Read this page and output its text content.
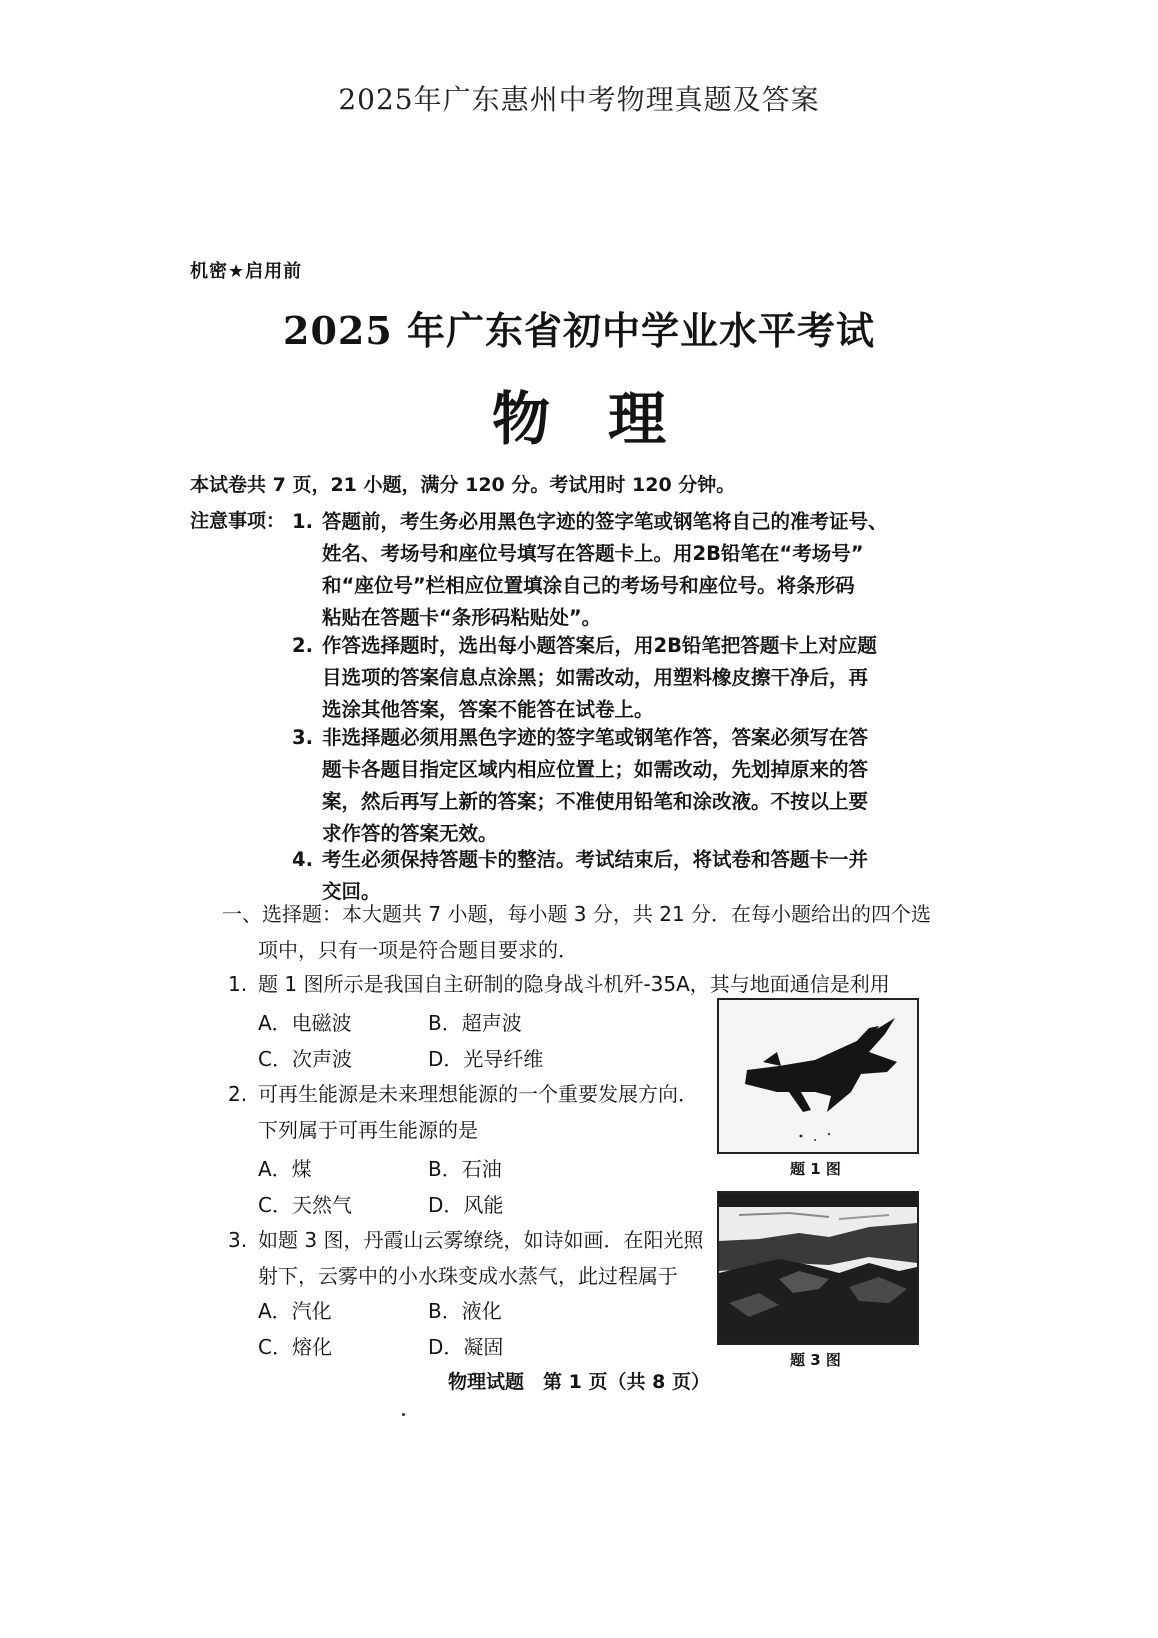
2025年广东惠州中考物理真题及答案
机密★启用前
2025 年广东省初中学业水平考试
物理
本试卷共 7 页，21 小题，满分 120 分。考试用时 120 分钟。
注意事项： 1. 答题前，考生务必用黑色字迹的签字笔或钢笔将自己的准考证号、
姓名、考场号和座位号填写在答题卡上。用2B铅笔在“考场号”
和“座位号”栏相应位置填涂自己的考场号和座位号。将条形码
粘贴在答题卡“条形码粘贴处”。
2. 作答选择题时，选出每小题答案后，用2B铅笔把答题卡上对应题
目选项的答案信息点涂黑；如需改动，用塑料橡皮擦干净后，再
选涂其他答案，答案不能答在试卷上。
3. 非选择题必须用黑色字迹的签字笔或钢笔作答，答案必须写在答
题卡各题目指定区域内相应位置上；如需改动，先划掉原来的答
案，然后再写上新的答案；不准使用铅笔和涂改液。不按以上要
求作答的答案无效。
4. 考生必须保持答题卡的整洁。考试结束后，将试卷和答题卡一并
交回。
一、选择题：本大题共 7 小题，每小题 3 分，共 21 分．在每小题给出的四个选
项中，只有一项是符合题目要求的．
1. 题 1 图所示是我国自主研制的隐身战斗机歼-35A，其与地面通信是利用
A．电磁波	B．超声波
C．次声波	D．光导纤维
2. 可再生能源是未来理想能源的一个重要发展方向．
下列属于可再生能源的是
A．煤	B．石油
C．天然气	D．风能
3. 如题 3 图，丹霞山云雾缭绕，如诗如画．在阳光照
射下，云雾中的小水珠变成水蒸气，此过程属于
A．汽化	B．液化
C．熔化	D．凝固
题 1 图
题 3 图
物理试题　第 1 页（共 8 页）
